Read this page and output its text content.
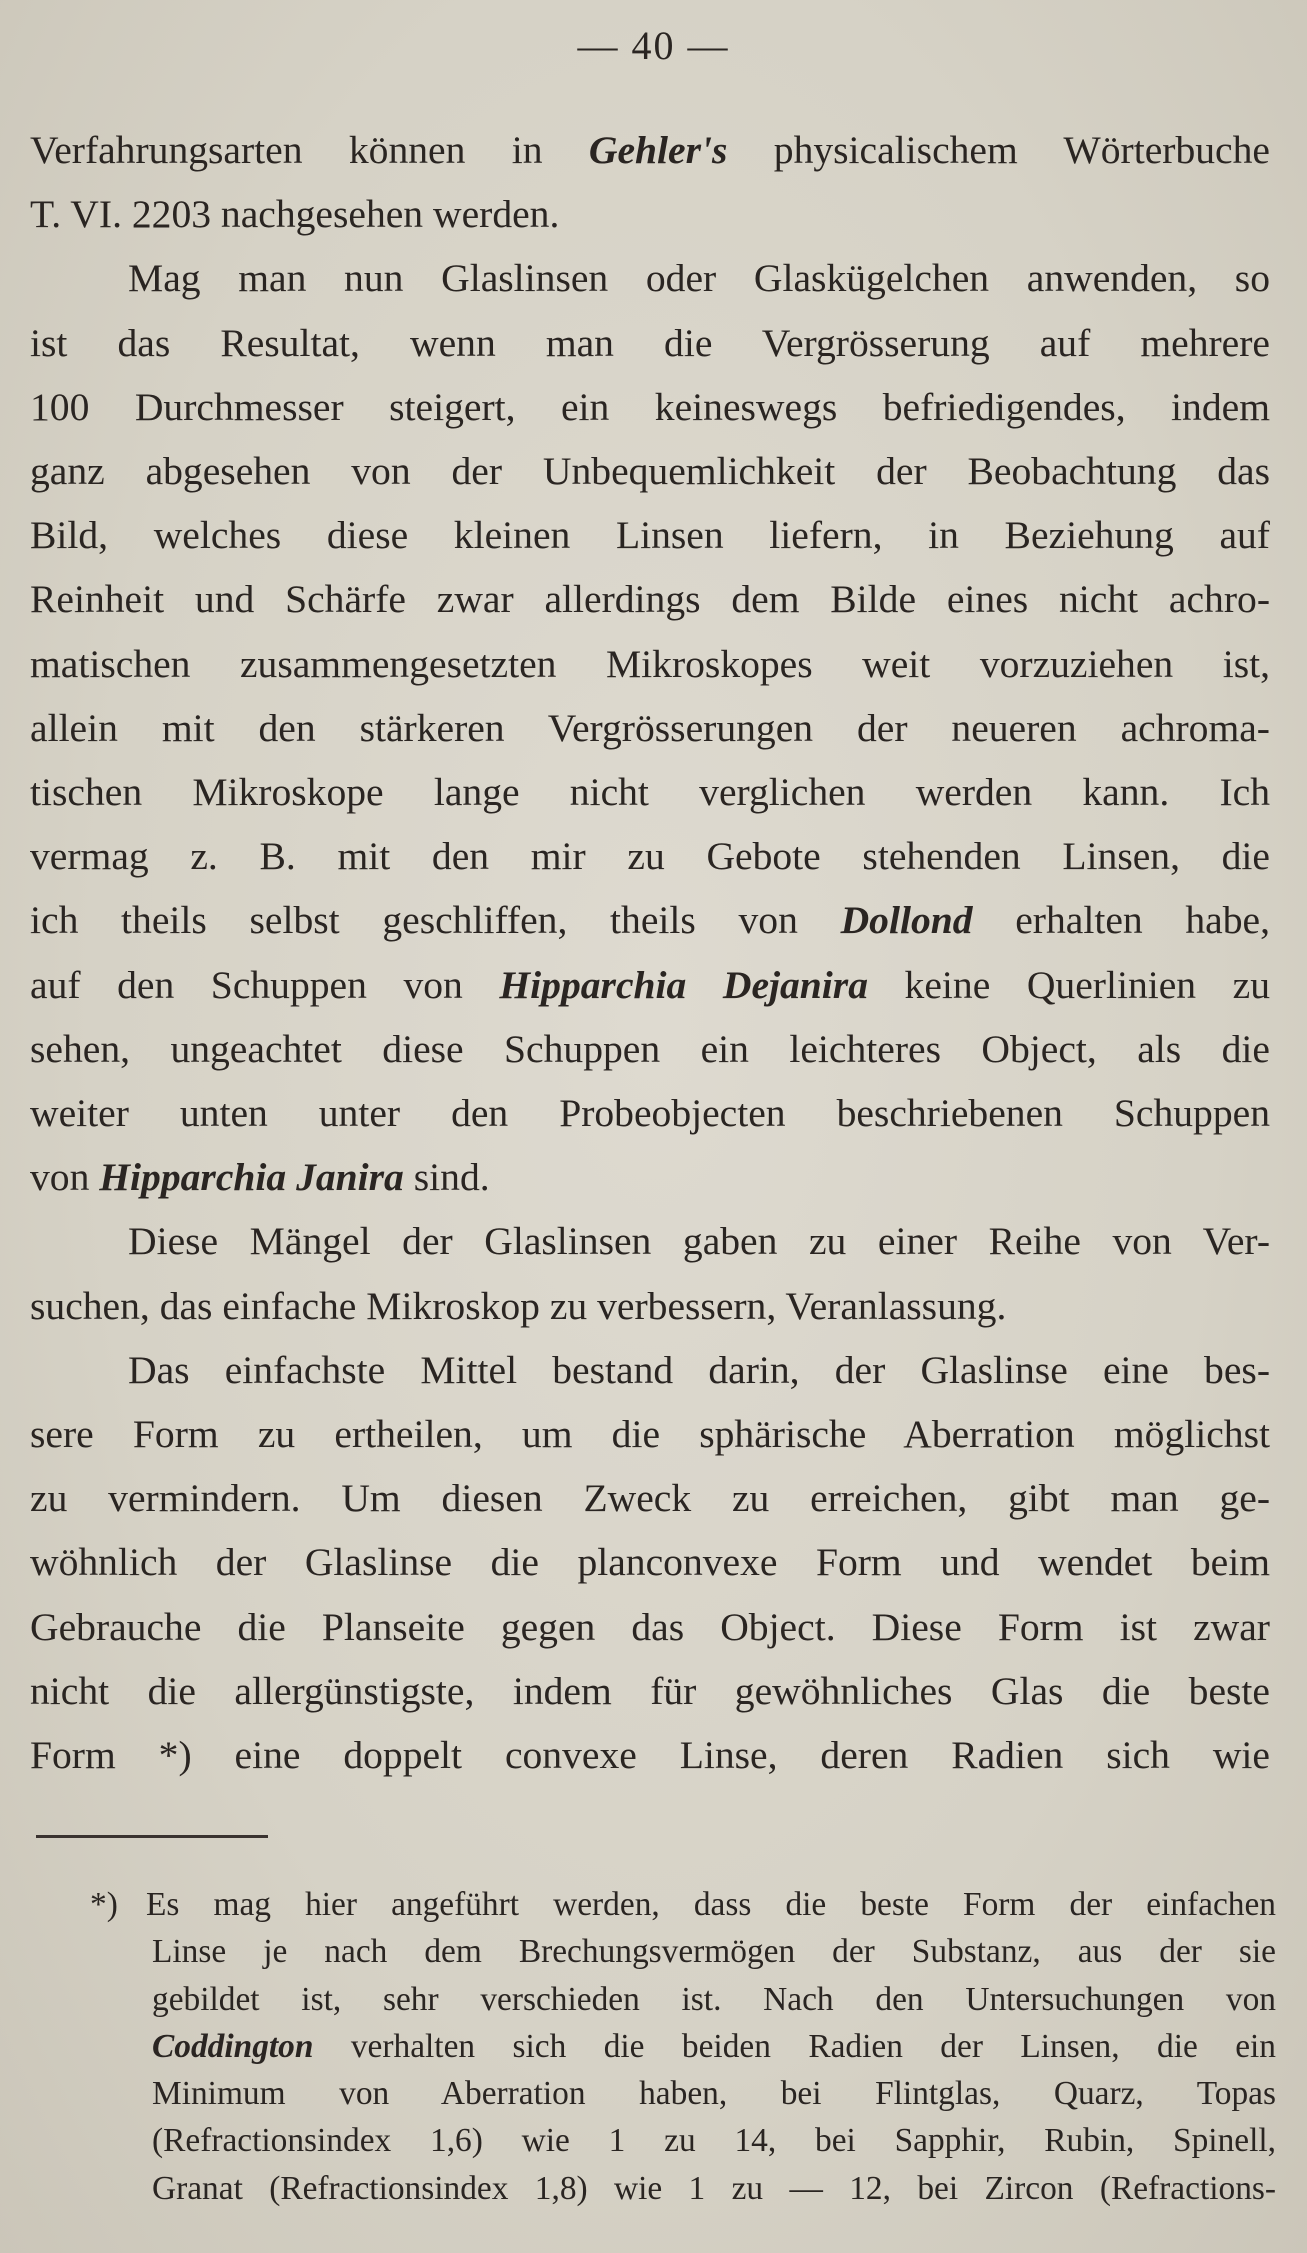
— 40 —
Verfahrungsarten können in Gehler's physicalischem Wörterbuche
T. VI. 2203 nachgesehen werden.
Mag man nun Glaslinsen oder Glaskügelchen anwenden, so
ist das Resultat, wenn man die Vergrösserung auf mehrere
100 Durchmesser steigert, ein keineswegs befriedigendes, indem
ganz abgesehen von der Unbequemlichkeit der Beobachtung das
Bild, welches diese kleinen Linsen liefern, in Beziehung auf
Reinheit und Schärfe zwar allerdings dem Bilde eines nicht achro-
matischen zusammengesetzten Mikroskopes weit vorzuziehen ist,
allein mit den stärkeren Vergrösserungen der neueren achroma-
tischen Mikroskope lange nicht verglichen werden kann. Ich
vermag z. B. mit den mir zu Gebote stehenden Linsen, die
ich theils selbst geschliffen, theils von Dollond erhalten habe,
auf den Schuppen von Hipparchia Dejanira keine Querlinien zu
sehen, ungeachtet diese Schuppen ein leichteres Object, als die
weiter unten unter den Probeobjecten beschriebenen Schuppen
von Hipparchia Janira sind.
Diese Mängel der Glaslinsen gaben zu einer Reihe von Ver-
suchen, das einfache Mikroskop zu verbessern, Veranlassung.
Das einfachste Mittel bestand darin, der Glaslinse eine bes-
sere Form zu ertheilen, um die sphärische Aberration möglichst
zu vermindern. Um diesen Zweck zu erreichen, gibt man ge-
wöhnlich der Glaslinse die planconvexe Form und wendet beim
Gebrauche die Planseite gegen das Object. Diese Form ist zwar
nicht die allergünstigste, indem für gewöhnliches Glas die beste
Form *) eine doppelt convexe Linse, deren Radien sich wie
*) Es mag hier angeführt werden, dass die beste Form der einfachen
Linse je nach dem Brechungsvermögen der Substanz, aus der sie
gebildet ist, sehr verschieden ist. Nach den Untersuchungen von
Coddington verhalten sich die beiden Radien der Linsen, die ein
Minimum von Aberration haben, bei Flintglas, Quarz, Topas
(Refractionsindex 1,6) wie 1 zu 14, bei Sapphir, Rubin, Spinell,
Granat (Refractionsindex 1,8) wie 1 zu — 12, bei Zircon (Refractions-
